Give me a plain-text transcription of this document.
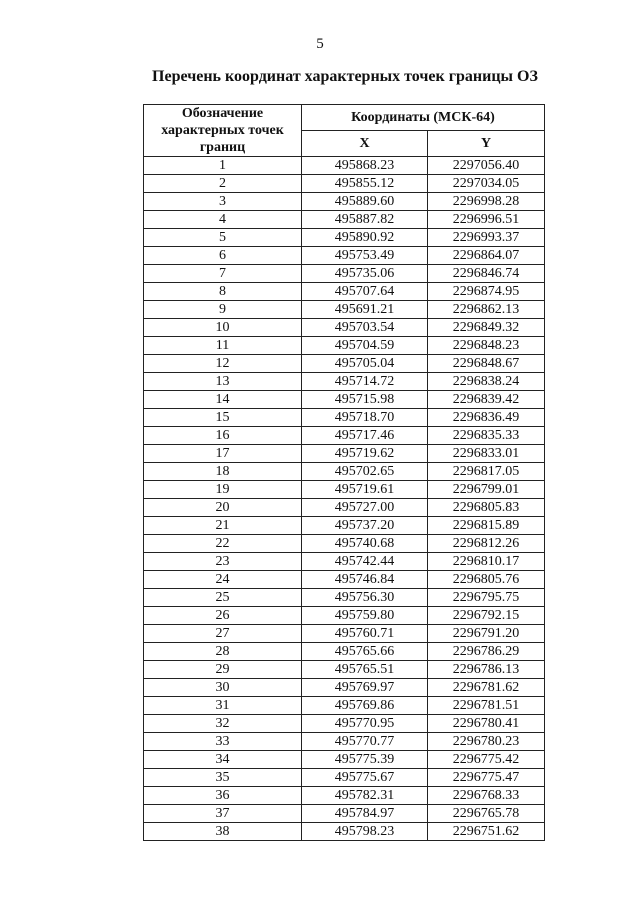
5
Перечень координат характерных точек границы ОЗ
Обозначение
характерных точек
границ	Координаты (МСК-64)	
	X	Y
1	495868.23	2297056.40
2	495855.12	2297034.05
3	495889.60	2296998.28
4	495887.82	2296996.51
5	495890.92	2296993.37
6	495753.49	2296864.07
7	495735.06	2296846.74
8	495707.64	2296874.95
9	495691.21	2296862.13
10	495703.54	2296849.32
11	495704.59	2296848.23
12	495705.04	2296848.67
13	495714.72	2296838.24
14	495715.98	2296839.42
15	495718.70	2296836.49
16	495717.46	2296835.33
17	495719.62	2296833.01
18	495702.65	2296817.05
19	495719.61	2296799.01
20	495727.00	2296805.83
21	495737.20	2296815.89
22	495740.68	2296812.26
23	495742.44	2296810.17
24	495746.84	2296805.76
25	495756.30	2296795.75
26	495759.80	2296792.15
27	495760.71	2296791.20
28	495765.66	2296786.29
29	495765.51	2296786.13
30	495769.97	2296781.62
31	495769.86	2296781.51
32	495770.95	2296780.41
33	495770.77	2296780.23
34	495775.39	2296775.42
35	495775.67	2296775.47
36	495782.31	2296768.33
37	495784.97	2296765.78
38	495798.23	2296751.62
